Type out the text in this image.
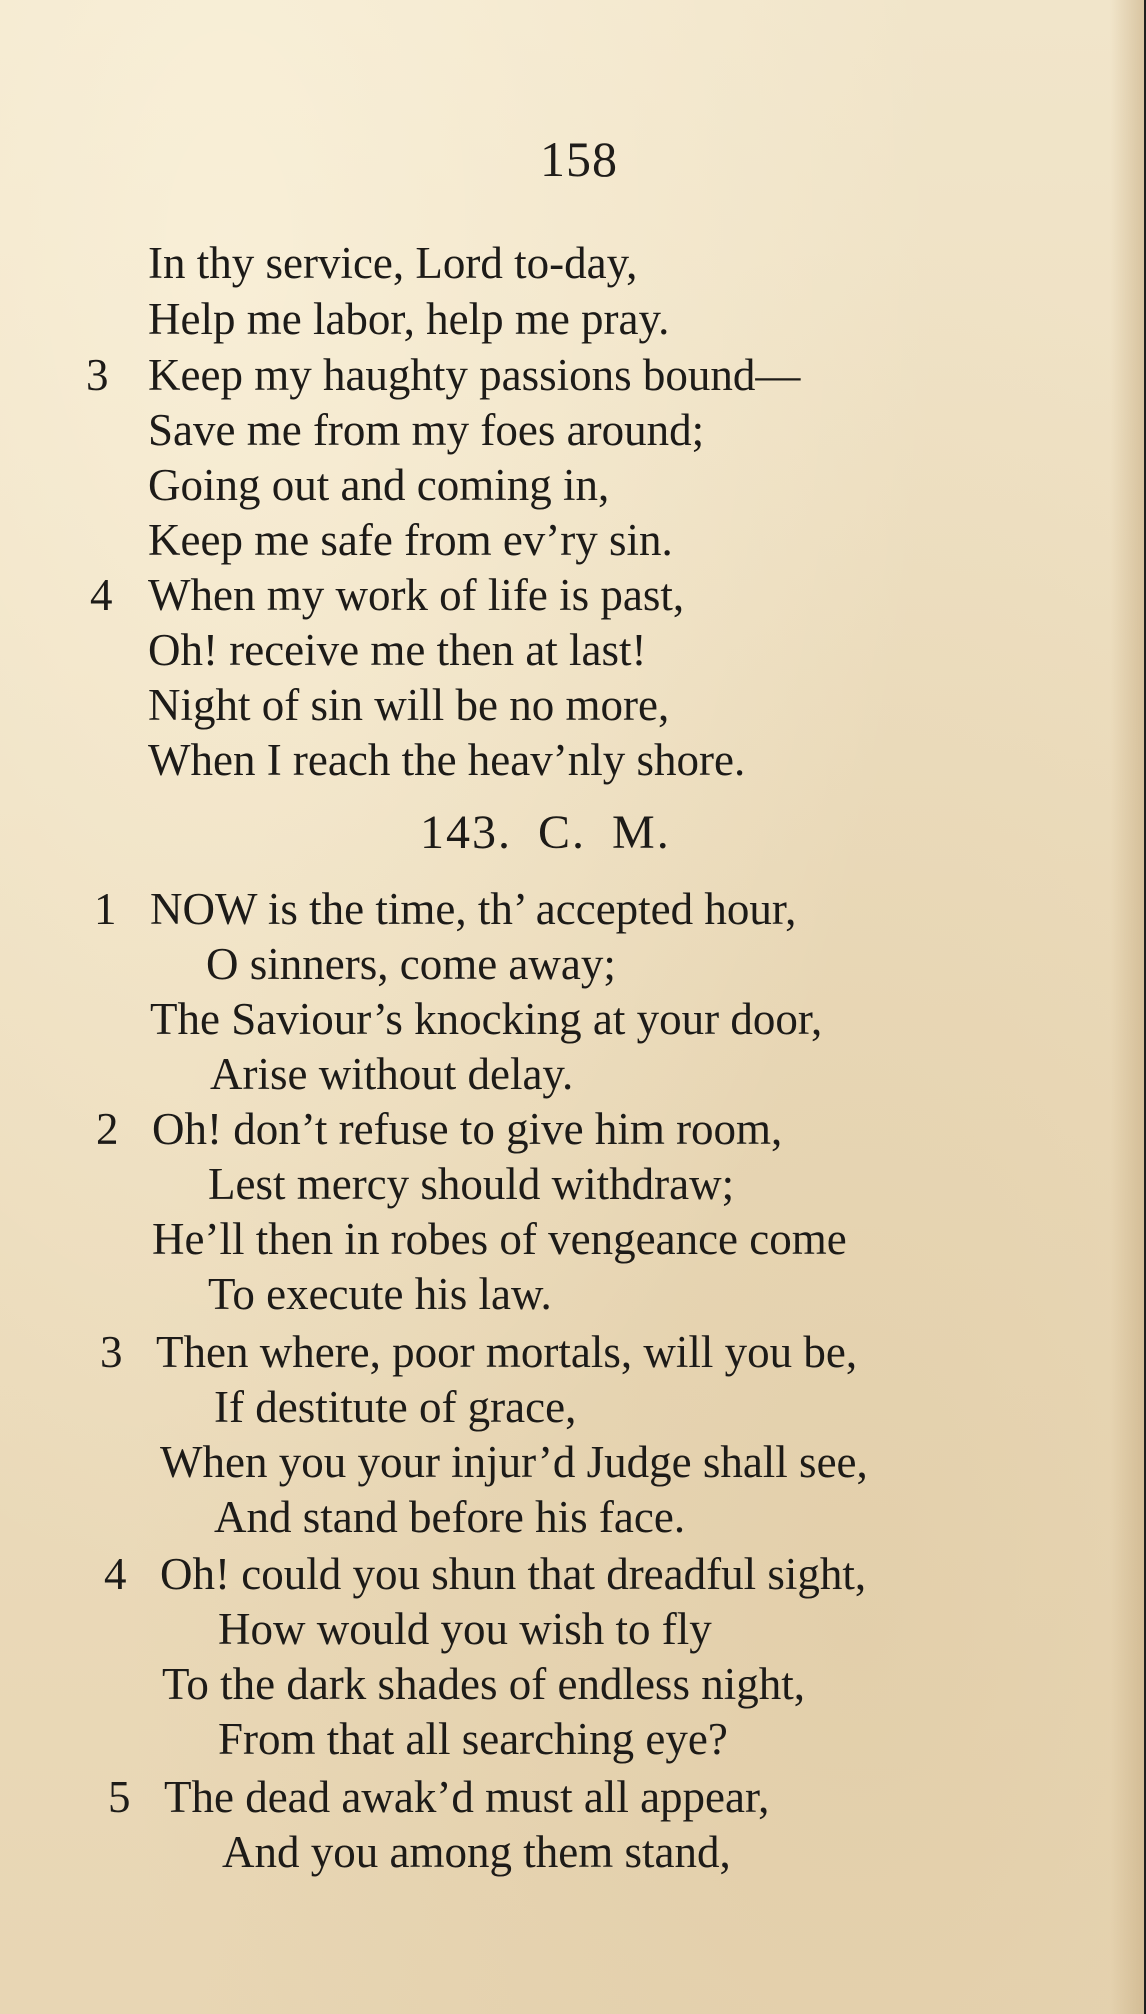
158
In thy service, Lord to-day,
Help me labor, help me pray.
3 Keep my haughty passions bound—
Save me from my foes around;
Going out and coming in,
Keep me safe from ev’ry sin.
4 When my work of life is past,
Oh! receive me then at last!
Night of sin will be no more,
When I reach the heav’nly shore.
143. C. M.
1 NOW is the time, th’ accepted hour,
O sinners, come away;
The Saviour’s knocking at your door,
Arise without delay.
2 Oh! don’t refuse to give him room,
Lest mercy should withdraw;
He’ll then in robes of vengeance come
To execute his law.
3 Then where, poor mortals, will you be,
If destitute of grace,
When you your injur’d Judge shall see,
And stand before his face.
4 Oh! could you shun that dreadful sight,
How would you wish to fly
To the dark shades of endless night,
From that all searching eye?
5 The dead awak’d must all appear,
And you among them stand,
